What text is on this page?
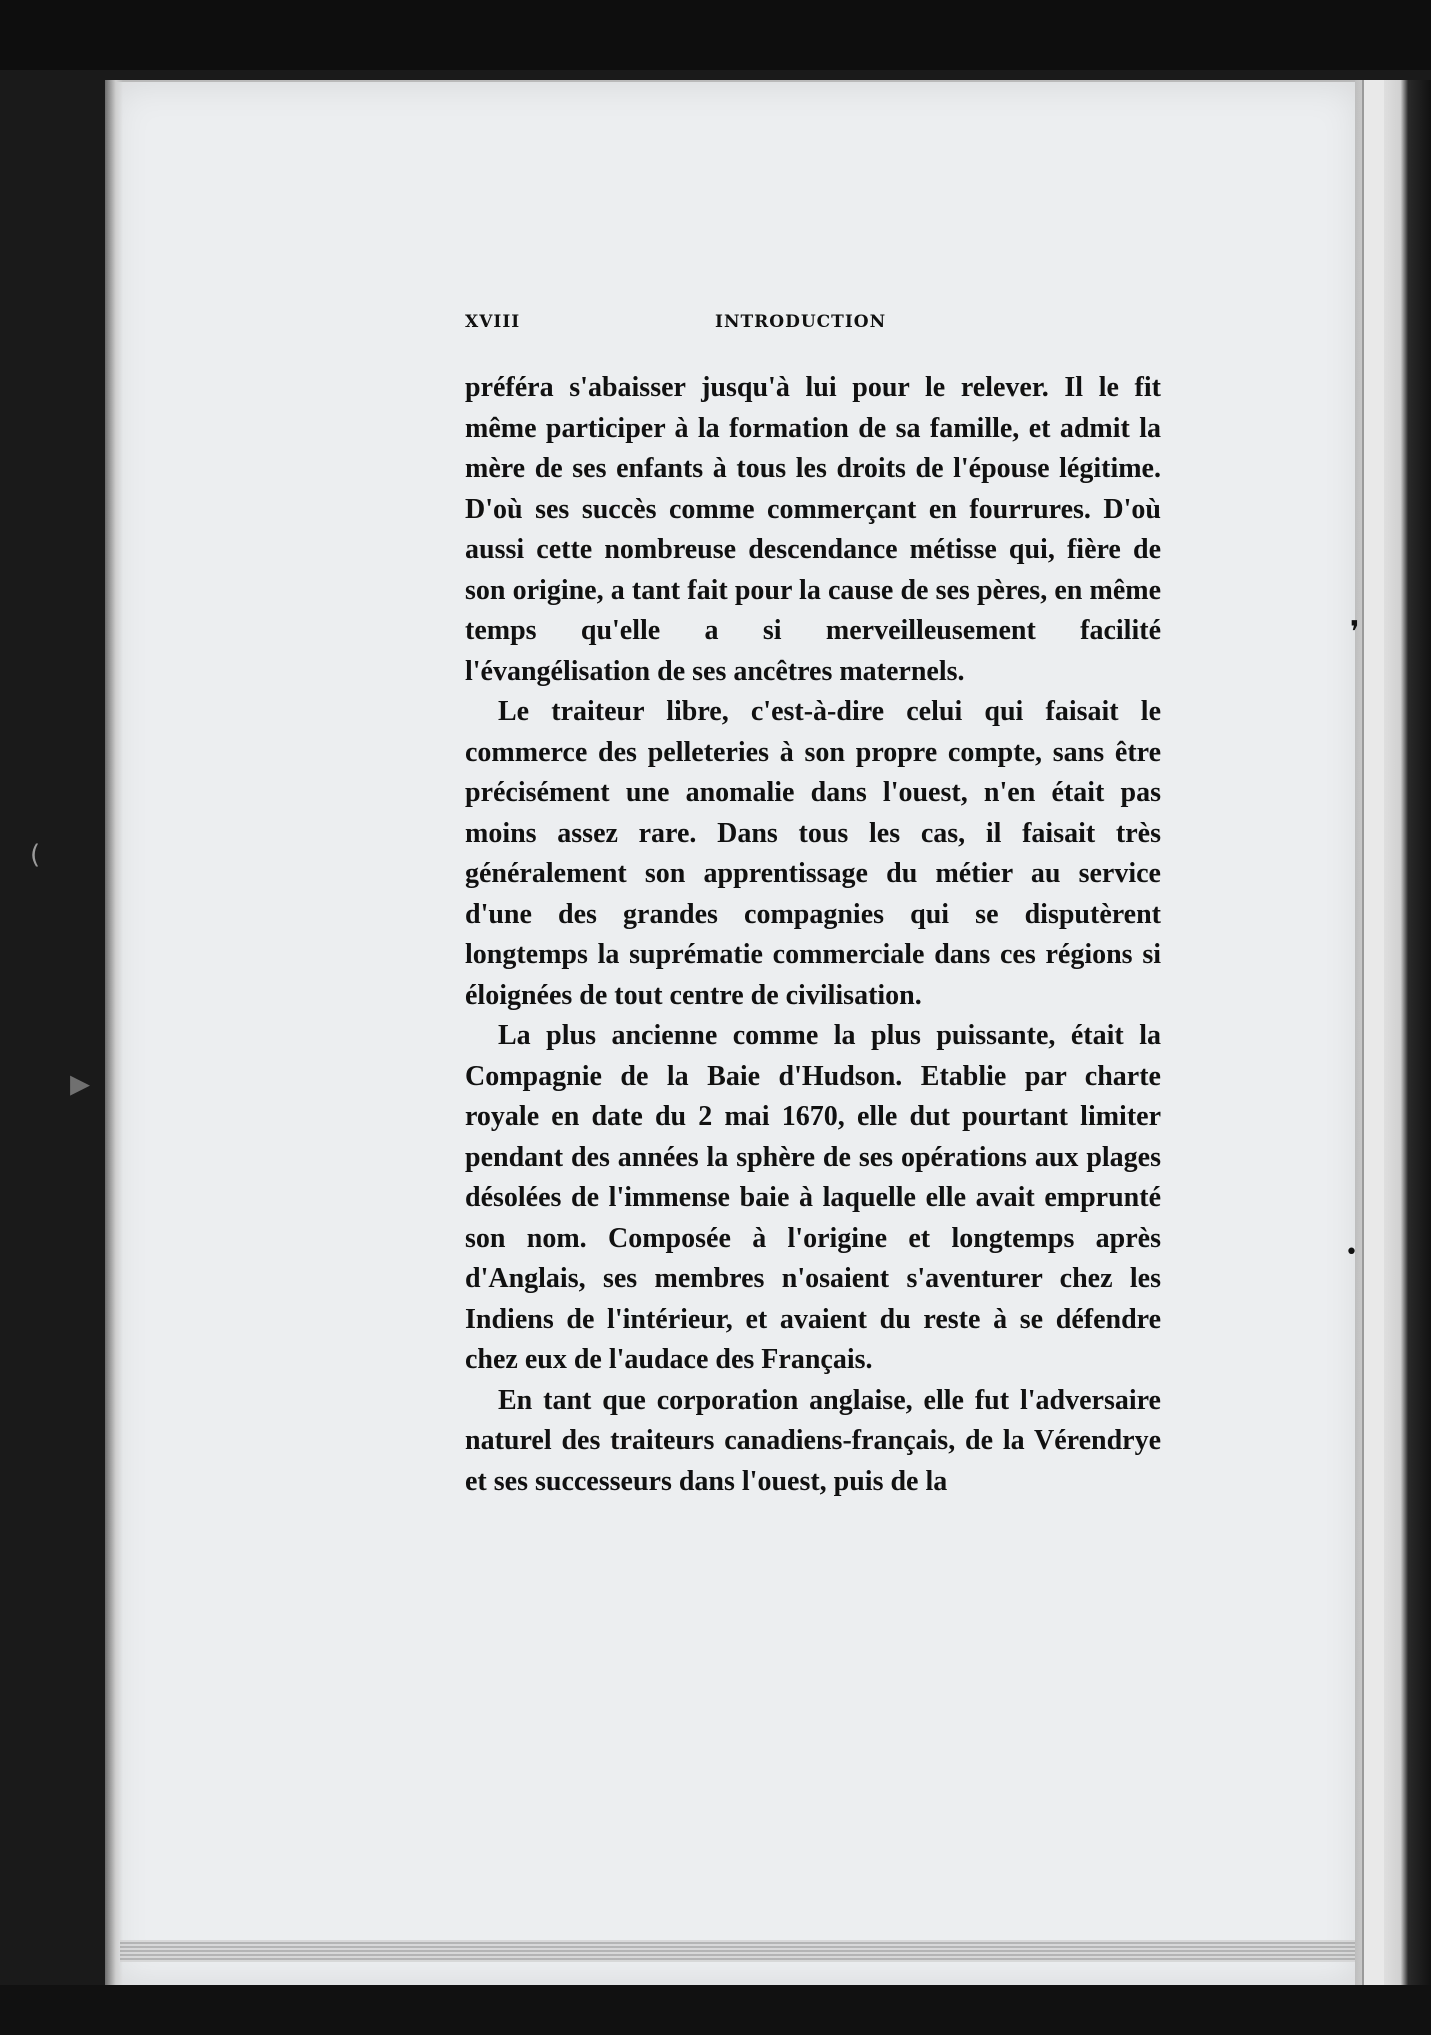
❜
•
(
▸
XVIII	INTRODUCTION

préféra s'abaisser jusqu'à lui pour le relever. Il le fit même participer à la formation de sa famille, et admit la mère de ses enfants à tous les droits de l'épouse légitime. D'où ses succès comme commerçant en fourrures. D'où aussi cette nombreuse descendance métisse qui, fière de son origine, a tant fait pour la cause de ses pères, en même temps qu'elle a si merveilleusement facilité l'évangélisation de ses ancêtres maternels.

Le traiteur libre, c'est-à-dire celui qui faisait le commerce des pelleteries à son propre compte, sans être précisément une anomalie dans l'ouest, n'en était pas moins assez rare. Dans tous les cas, il faisait très généralement son apprentissage du métier au service d'une des grandes compagnies qui se disputèrent longtemps la suprématie commerciale dans ces régions si éloignées de tout centre de civilisation.

La plus ancienne comme la plus puissante, était la Compagnie de la Baie d'Hudson. Etablie par charte royale en date du 2 mai 1670, elle dut pourtant limiter pendant des années la sphère de ses opérations aux plages désolées de l'immense baie à laquelle elle avait emprunté son nom. Composée à l'origine et longtemps après d'Anglais, ses membres n'osaient s'aventurer chez les Indiens de l'intérieur, et avaient du reste à se défendre chez eux de l'audace des Français.

En tant que corporation anglaise, elle fut l'adversaire naturel des traiteurs canadiens-français, de la Vérendrye et ses successeurs dans l'ouest, puis de la
